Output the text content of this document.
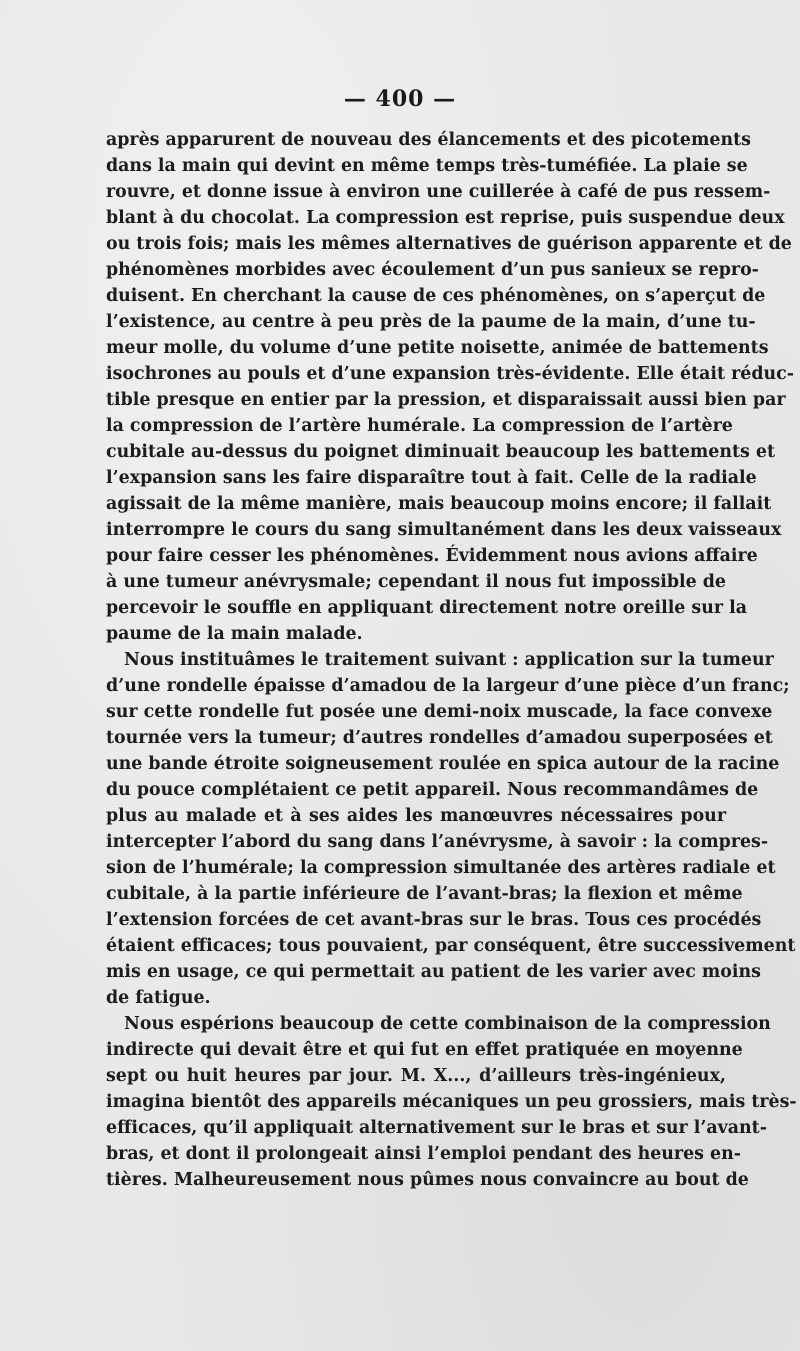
— 400 —
après apparurent de nouveau des élancements et des picotements
dans la main qui devint en même temps très-tuméfiée. La plaie se
rouvre, et donne issue à environ une cuillerée à café de pus ressem-
blant à du chocolat. La compression est reprise, puis suspendue deux
ou trois fois; mais les mêmes alternatives de guérison apparente et de
phénomènes morbides avec écoulement d’un pus sanieux se repro-
duisent. En cherchant la cause de ces phénomènes, on s’aperçut de
l’existence, au centre à peu près de la paume de la main, d’une tu-
meur molle, du volume d’une petite noisette, animée de battements
isochrones au pouls et d’une expansion très-évidente. Elle était réduc-
tible presque en entier par la pression, et disparaissait aussi bien par
la compression de l’artère humérale. La compression de l’artère
cubitale au-dessus du poignet diminuait beaucoup les battements et
l’expansion sans les faire disparaître tout à fait. Celle de la radiale
agissait de la même manière, mais beaucoup moins encore; il fallait
interrompre le cours du sang simultanément dans les deux vaisseaux
pour faire cesser les phénomènes. Évidemment nous avions affaire
à une tumeur anévrysmale; cependant il nous fut impossible de
percevoir le souffle en appliquant directement notre oreille sur la
paume de la main malade.
Nous instituâmes le traitement suivant : application sur la tumeur
d’une rondelle épaisse d’amadou de la largeur d’une pièce d’un franc;
sur cette rondelle fut posée une demi-noix muscade, la face convexe
tournée vers la tumeur; d’autres rondelles d’amadou superposées et
une bande étroite soigneusement roulée en spica autour de la racine
du pouce complétaient ce petit appareil. Nous recommandâmes de
plus au malade et à ses aides les manœuvres nécessaires pour
intercepter l’abord du sang dans l’anévrysme, à savoir : la compres-
sion de l’humérale; la compression simultanée des artères radiale et
cubitale, à la partie inférieure de l’avant-bras; la flexion et même
l’extension forcées de cet avant-bras sur le bras. Tous ces procédés
étaient efficaces; tous pouvaient, par conséquent, être successivement
mis en usage, ce qui permettait au patient de les varier avec moins
de fatigue.
Nous espérions beaucoup de cette combinaison de la compression
indirecte qui devait être et qui fut en effet pratiquée en moyenne
sept ou huit heures par jour. M. X..., d’ailleurs très-ingénieux,
imagina bientôt des appareils mécaniques un peu grossiers, mais très-
efficaces, qu’il appliquait alternativement sur le bras et sur l’avant-
bras, et dont il prolongeait ainsi l’emploi pendant des heures en-
tières. Malheureusement nous pûmes nous convaincre au bout de
